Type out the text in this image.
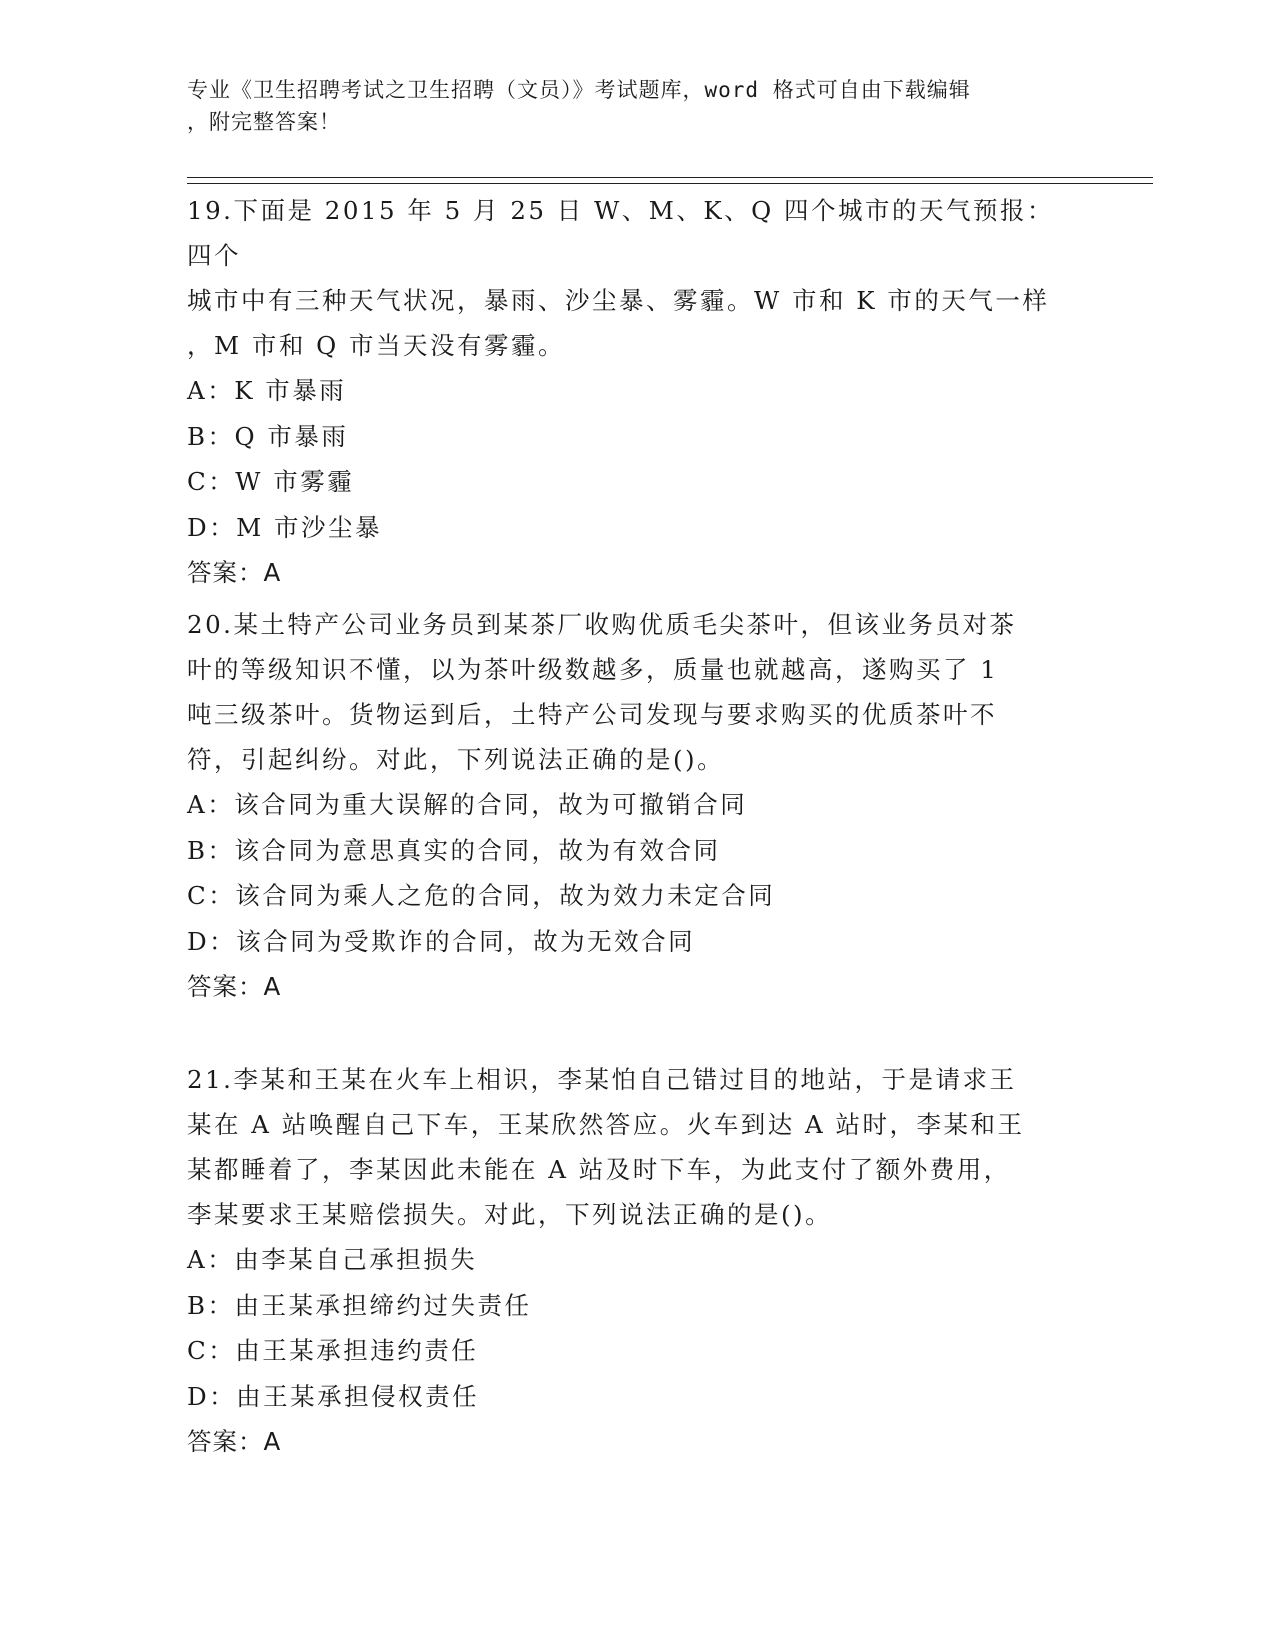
专业《卫生招聘考试之卫生招聘（文员）》考试题库，word 格式可自由下载编辑
，附完整答案！

19.下面是 2015 年 5 月 25 日 W、M、K、Q 四个城市的天气预报：四个

城市中有三种天气状况，暴雨、沙尘暴、雾霾。W 市和 K 市的天气一样

，M 市和 Q 市当天没有雾霾。

A：K 市暴雨

B：Q 市暴雨

C：W 市雾霾

D：M 市沙尘暴

答案：A

20.某土特产公司业务员到某茶厂收购优质毛尖茶叶，但该业务员对茶

叶的等级知识不懂，以为茶叶级数越多，质量也就越高，遂购买了 1

吨三级茶叶。货物运到后，土特产公司发现与要求购买的优质茶叶不

符，引起纠纷。对此，下列说法正确的是()。

A：该合同为重大误解的合同，故为可撤销合同

B：该合同为意思真实的合同，故为有效合同

C：该合同为乘人之危的合同，故为效力未定合同

D：该合同为受欺诈的合同，故为无效合同

答案：A

21.李某和王某在火车上相识，李某怕自己错过目的地站，于是请求王

某在 A 站唤醒自己下车，王某欣然答应。火车到达 A 站时，李某和王

某都睡着了，李某因此未能在 A 站及时下车，为此支付了额外费用，

李某要求王某赔偿损失。对此，下列说法正确的是()。

A：由李某自己承担损失

B：由王某承担缔约过失责任

C：由王某承担违约责任

D：由王某承担侵权责任

答案：A
